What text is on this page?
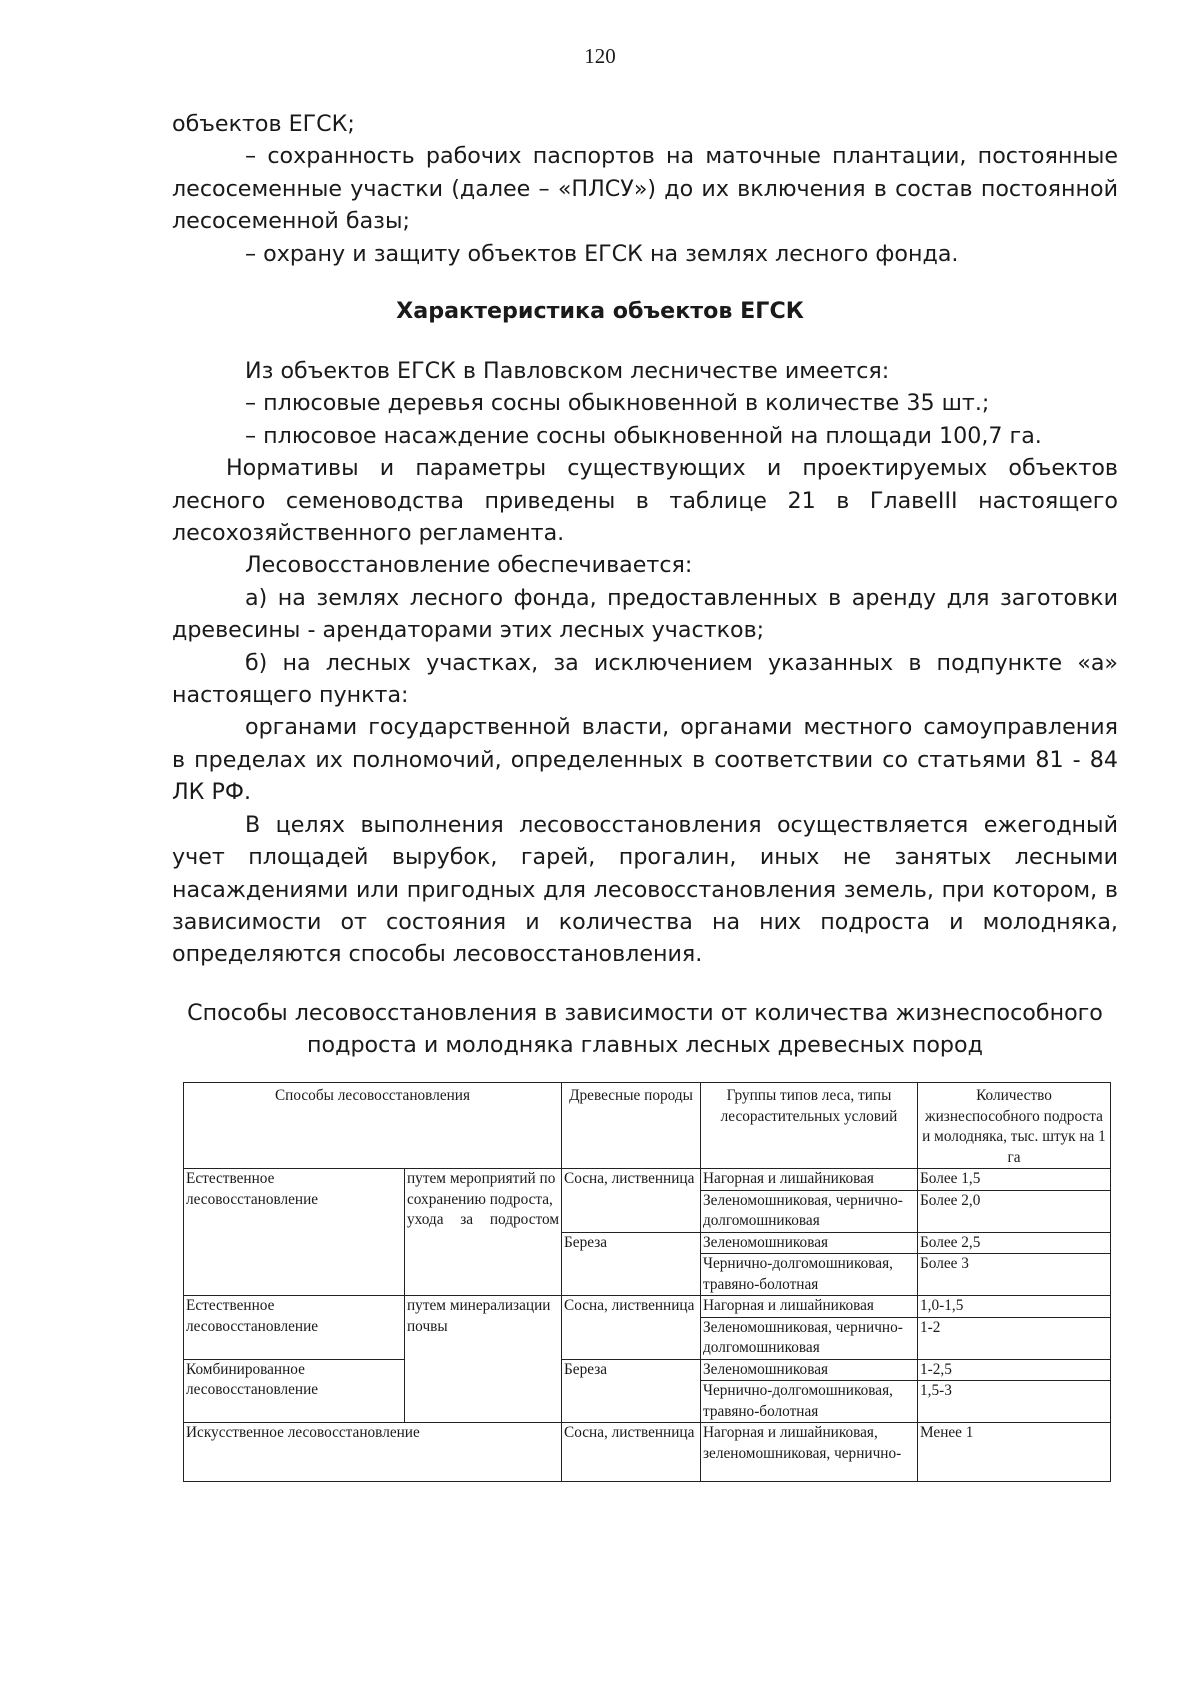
120

объектов ЕГСК;

– сохранность рабочих паспортов на маточные плантации, постоянные лесосеменные участки (далее – «ПЛСУ») до их включения в состав постоянной лесосеменной базы;

– охрану и защиту объектов ЕГСК на землях лесного фонда.

Характеристика объектов ЕГСК

Из объектов ЕГСК в Павловском лесничестве имеется:

– плюсовые деревья сосны обыкновенной в количестве 35 шт.;

– плюсовое насаждение сосны обыкновенной на площади 100,7 га.

Нормативы и параметры существующих и проектируемых объектов лесного семеноводства приведены в таблице 21 в ГлавеIII настоящего лесохозяйственного регламента.

Лесовосстановление обеспечивается:

а) на землях лесного фонда, предоставленных в аренду для заготовки древесины - арендаторами этих лесных участков;

б) на лесных участках, за исключением указанных в подпункте «а» настоящего пункта:

органами государственной власти, органами местного самоуправления в пределах их полномочий, определенных в соответствии со статьями 81 - 84 ЛК РФ.

В целях выполнения лесовосстановления осуществляется ежегодный учет площадей вырубок, гарей, прогалин, иных не занятых лесными насаждениями или пригодных для лесовосстановления земель, при котором, в зависимости от состояния и количества на них подроста и молодняка, определяются способы лесовосстановления.

Способы лесовосстановления в зависимости от количества жизнеспособного
подроста и молодняка главных лесных древесных пород
Способы лесовосстановления		Древесные породы	Группы типов леса, типы лесорастительных условий	Количество жизнеспособного подроста и молодняка, тыс. штук на 1 га
Естественное лесовосстановление	путем мероприятий по сохранению подроста, ухода за подростом	Сосна, лиственница	Нагорная и лишайниковая	Более 1,5
			Зеленомошниковая, чернично-долгомошниковая	Более 2,0
		Береза	Зеленомошниковая	Более 2,5
			Чернично-долгомошниковая, травяно-болотная	Более 3
Естественное лесовосстановление	путем минерализации почвы	Сосна, лиственница	Нагорная и лишайниковая	1,0-1,5
			Зеленомошниковая, чернично-долгомошниковая	1-2
Комбинированное лесовосстановление		Береза	Зеленомошниковая	1-2,5
			Чернично-долгомошниковая, травяно-болотная	1,5-3
Искусственное лесовосстановление		Сосна, лиственница	Нагорная и лишайниковая, зеленомошниковая, чернично-	Менее 1
